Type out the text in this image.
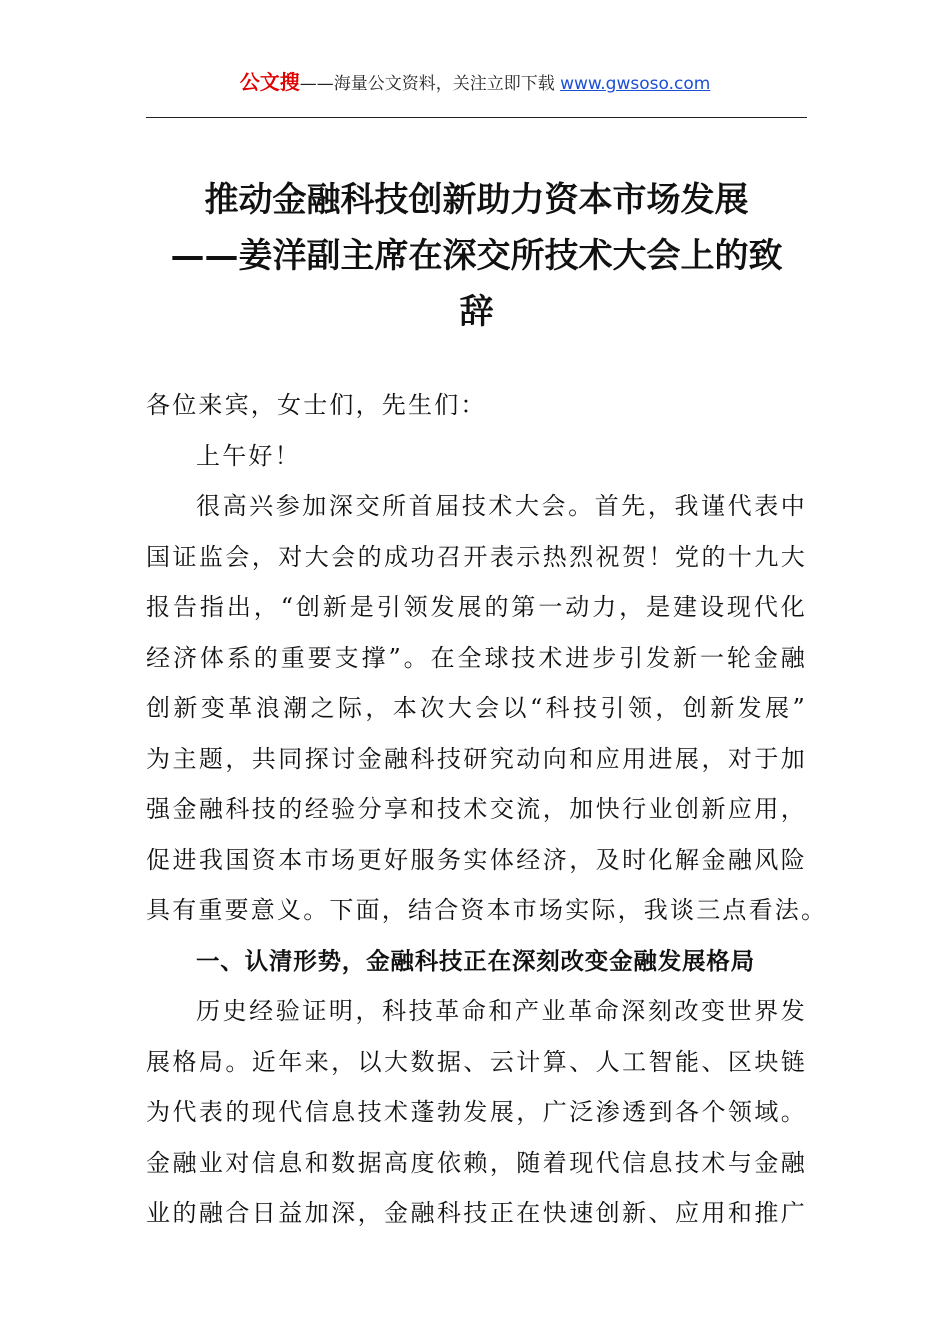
公文搜——海量公文资料，关注立即下载 www.gwsoso.com
推动金融科技创新助力资本市场发展
——姜洋副主席在深交所技术大会上的致
辞
各位来宾，女士们，先生们：
上午好！
很高兴参加深交所首届技术大会。首先，我谨代表中
国证监会，对大会的成功召开表示热烈祝贺！党的十九大
报告指出，“创新是引领发展的第一动力，是建设现代化
经济体系的重要支撑”。在全球技术进步引发新一轮金融
创新变革浪潮之际，本次大会以“科技引领，创新发展”
为主题，共同探讨金融科技研究动向和应用进展，对于加
强金融科技的经验分享和技术交流，加快行业创新应用，
促进我国资本市场更好服务实体经济，及时化解金融风险
具有重要意义。下面，结合资本市场实际，我谈三点看法。
一、认清形势，金融科技正在深刻改变金融发展格局
历史经验证明，科技革命和产业革命深刻改变世界发
展格局。近年来，以大数据、云计算、人工智能、区块链
为代表的现代信息技术蓬勃发展，广泛渗透到各个领域。
金融业对信息和数据高度依赖，随着现代信息技术与金融
业的融合日益加深，金融科技正在快速创新、应用和推广
